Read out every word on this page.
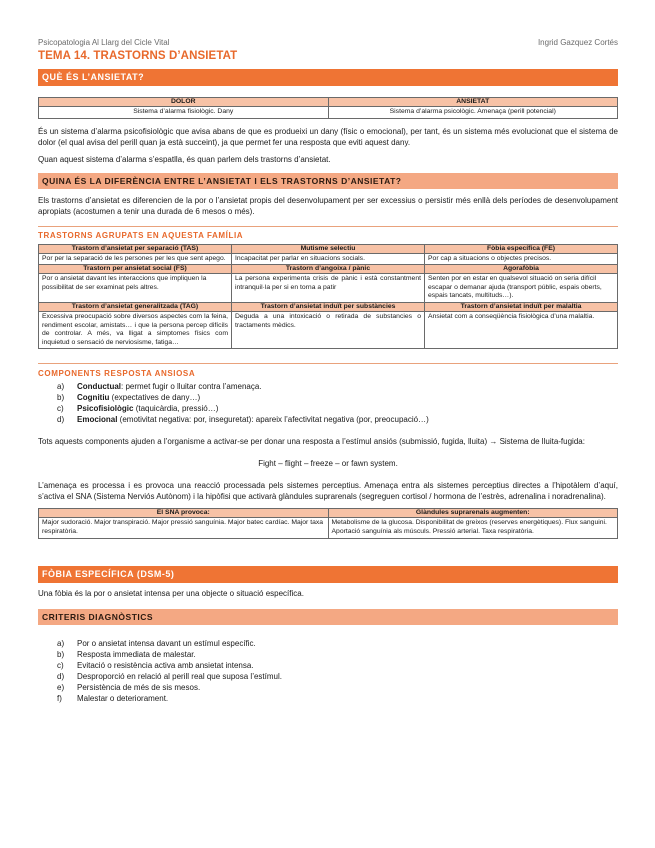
Psicopatologia Al Llarg del Cicle Vital	Ingrid Gazquez Cortés
TEMA 14. TRASTORNS D’ANSIETAT
QUÈ ÉS L’ANSIETAT?
DOLOR	ANSIETAT
Sistema d’alarma fisiològic. Dany	Sistema d’alarma psicològic. Amenaça (perill potencial)

És un sistema d’alarma psicofisiològic que avisa abans de que es produeixi un dany (físic o emocional), per tant, és un sistema més evolucionat que el sistema de dolor (el qual avisa del perill quan ja està succeint), ja que permet fer una resposta que eviti aquest dany.

Quan aquest sistema d’alarma s’espatlla, és quan parlem dels trastorns d’ansietat.

QUINA ÉS LA DIFERÈNCIA ENTRE L’ANSIETAT I ELS TRASTORNS D’ANSIETAT?

Els trastorns d’ansietat es diferencien de la por o l’ansietat propis del desenvolupament per ser excessius o persistir més enllà dels períodes de desenvolupament apropiats (acostumen a tenir una durada de 6 mesos o més).

TRASTORNS AGRUPATS EN AQUESTA FAMÍLIA
Trastorn d’ansietat per separació (TAS)	Mutisme selectiu	Fòbia específica (FE)
Por per la separació de les persones per les que sent apego.	Incapacitat per parlar en situacions socials.	Por cap a situacions o objectes precisos.
Trastorn per ansietat social (FS)	Trastorn d’angoixa / pànic	Agorafòbia
Por o ansietat davant les interaccions que impliquen la possibilitat de ser examinat pels altres.	La persona experimenta crisis de pànic i està constantment intranquil·la per si en torna a patir	Senten por en estar en qualsevol situació on seria difícil escapar o demanar ajuda (transport públic, espais oberts, espais tancats, multituds…).
Trastorn d’ansietat generalitzada (TAG)	Trastorn d’ansietat induït per substàncies	Trastorn d’ansietat induït per malaltia
Excessiva preocupació sobre diversos aspectes com la feina, rendiment escolar, amistats… i que la persona percep difícils de controlar. A més, va lligat a simptomes físics com inquietud o sensació de nerviosisme, fatiga…	Deguda a una intoxicació o retirada de substancies o tractaments mèdics.	Ansietat com a conseqüència fisiològica d’una malaltia.
COMPONENTS RESPOSTA ANSIOSA
a)	Conductual: permet fugir o lluitar contra l’amenaça.
b)	Cognitiu (expectatives de dany…)
c)	Psicofisiològic (taquicàrdia, pressió…)
d)	Emocional (emotivitat negativa: por, inseguretat): apareix l’afectivitat negativa (por, preocupació…)

Tots aquests components ajuden a l’organisme a activar-se per donar una resposta a l’estímul ansiós (submissió, fugida, lluita) → Sistema de lluita-fugida:

Fight – flight – freeze – or fawn system.

L’amenaça es processa i es provoca una reacció processada pels sistemes perceptius. Amenaça entra als sistemes perceptius directes a l’hipotàlem d’aquí, s’activa el SNA (Sistema Nerviós Autònom) i la hipòfisi que activarà glàndules suprarenals (segreguen cortisol / hormona de l’estrès, adrenalina i noradrenalina).

El SNA provoca:	Glàndules suprarenals augmenten:
Major sudoració. Major transpiració. Major pressió sanguínia. Major batec cardíac. Major taxa respiratòria.	Metabolisme de la glucosa. Disponibilitat de greixos (reserves energètiques). Flux sanguini. Aportació sanguínia als músculs. Pressió arterial. Taxa respiratòria.
FÒBIA ESPECÍFICA (DSM-5)

Una fòbia és la por o ansietat intensa per una objecte o situació específica.

CRITERIS DIAGNÒSTICS
a)	Por o ansietat intensa davant un estímul específic.
b)	Resposta immediata de malestar.
c)	Evitació o resistència activa amb ansietat intensa.
d)	Desproporció en relació al perill real que suposa l’estímul.
e)	Persistència de més de sis mesos.
f)	Malestar o deteriorament.
